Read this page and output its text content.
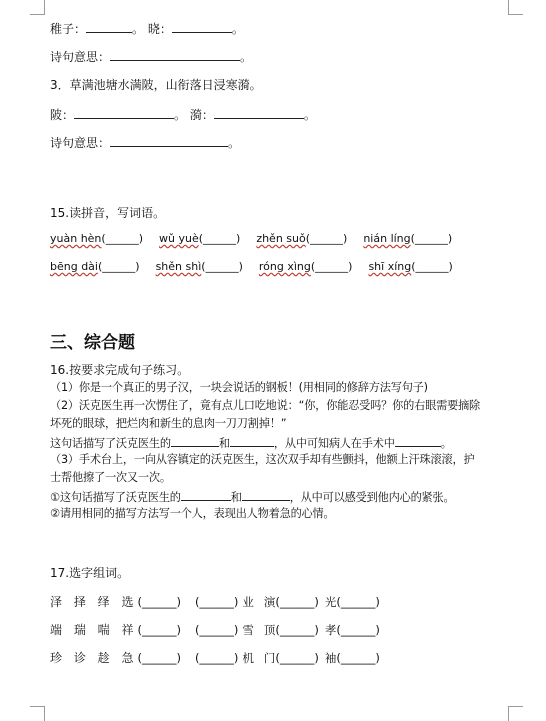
稚子：	。 晓：	。
诗句意思：	。
3．草满池塘水满陂，山衔落日浸寒漪。
陂：	。 漪：	。
诗句意思：	。
15.读拼音，写词语。
yuàn hèn(______) wǔ yuè(______) zhěn suǒ(______) nián líng(______)
bēng dài(______) shěn shì(______) róng xìng(______) shī xíng(______)
三、综合题
16.按要求完成句子练习。
（1）你是一个真正的男子汉，一块会说话的钢板！(用相同的修辞方法写句子)
（2）沃克医生再一次愣住了，竟有点儿口吃地说：“你，你能忍受吗？你的右眼需要摘除
坏死的眼球，把烂肉和新生的息肉一刀刀割掉！”
这句话描写了沃克医生的	和	，从中可知病人在手术中	。
（3）手术台上，一向从容镇定的沃克医生，这次双手却有些颤抖，他额上汗珠滚滚，护
士帮他擦了一次又一次。
①这句话描写了沃克医生的	和	，从中可以感受到他内心的紧张。
②请用相同的描写方法写一个人，表现出人物着急的心情。
17.选字组词。
泽 择 绎 选(______) (______) 业 演(______) 光(______)
端 瑞 喘 祥(______) (______) 雪 顶(______) 孝(______)
珍 诊 趁 急(______) (______) 机 门(______) 袖(______)
